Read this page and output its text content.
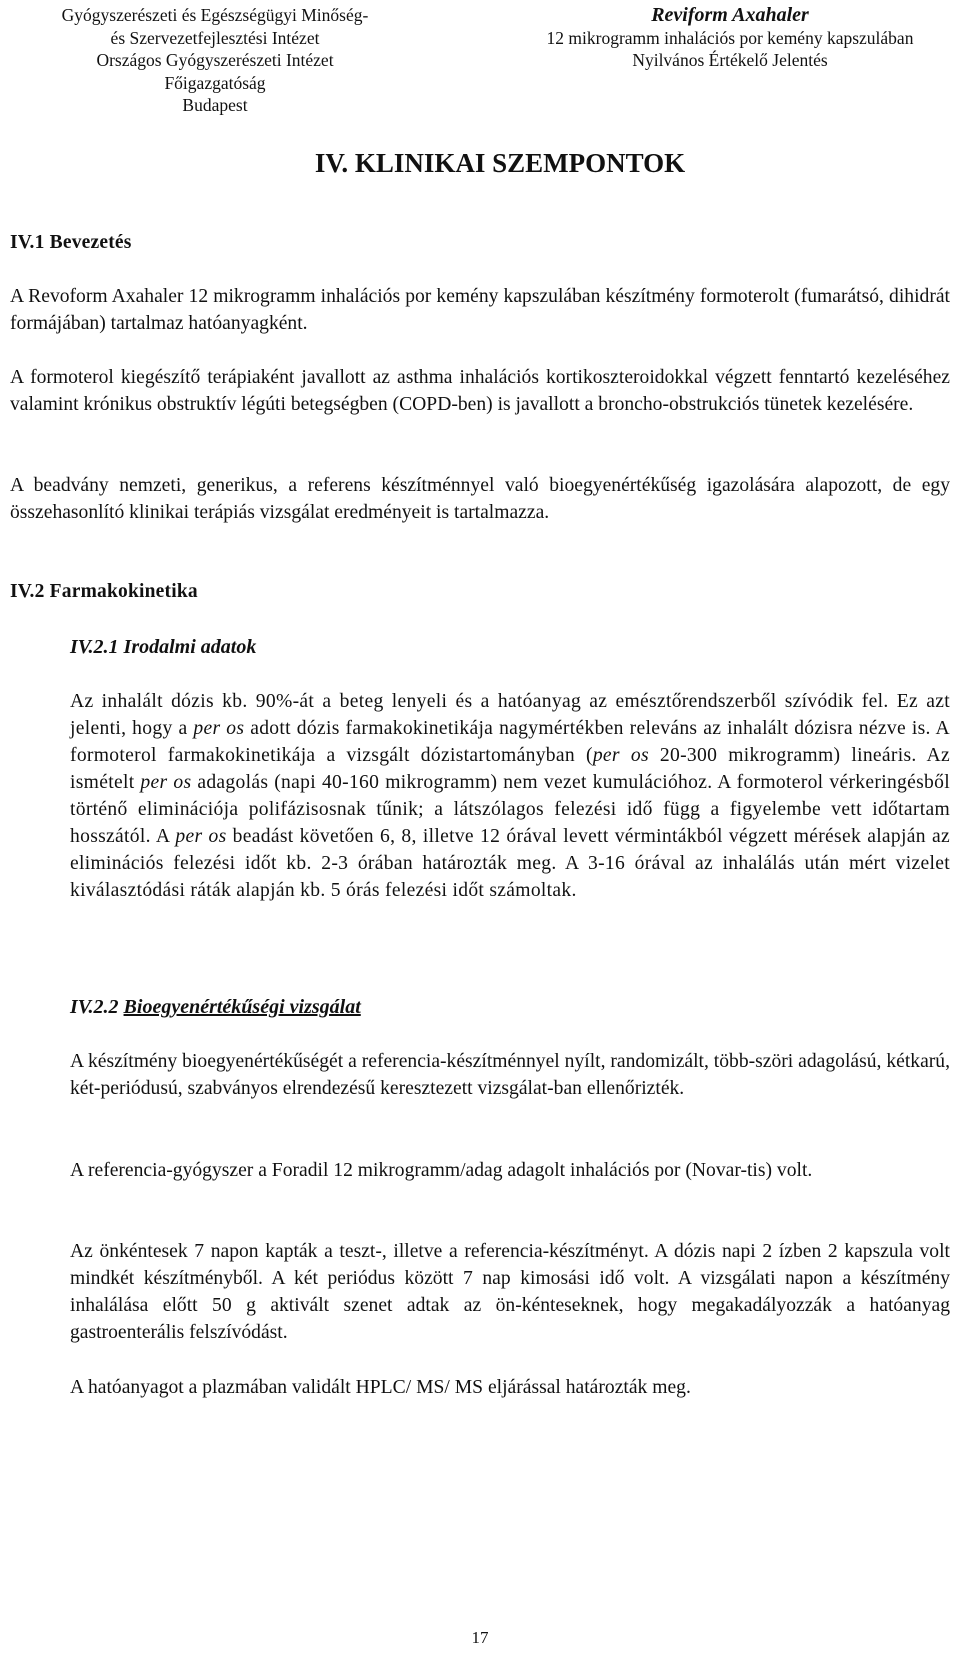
Gyógyszerészeti és Egészségügyi Minőség-
és Szervezetfejlesztési Intézet
Országos Gyógyszerészeti Intézet
Főigazgatóság
Budapest
Reviform Axahaler
12 mikrogramm inhalációs por kemény kapszulában
Nyilvános Értékelő Jelentés
IV. KLINIKAI SZEMPONTOK
IV.1 Bevezetés
A Revoform Axahaler 12 mikrogramm inhalációs por kemény kapszulában készítmény formoterolt (fumarátsó, dihidrát formájában) tartalmaz hatóanyagként.
A formoterol kiegészítő terápiaként javallott az asthma inhalációs kortikoszteroidokkal végzett fenntartó kezeléséhez valamint krónikus obstruktív légúti betegségben (COPD-ben) is javallott a broncho-obstrukciós tünetek kezelésére.
A beadvány nemzeti, generikus, a referens készítménnyel való bioegyenértékűség igazolására alapozott, de egy összehasonlító klinikai terápiás vizsgálat eredményeit is tartalmazza.
IV.2 Farmakokinetika
IV.2.1 Irodalmi adatok
Az inhalált dózis kb. 90%-át a beteg lenyeli és a hatóanyag az emésztőrendszerből szívódik fel. Ez azt jelenti, hogy a per os adott dózis farmakokinetikája nagymértékben releváns az inhalált dózisra nézve is. A formoterol farmakokinetikája a vizsgált dózistartományban (per os 20-300 mikrogramm) lineáris. Az ismételt per os adagolás (napi 40-160 mikrogramm) nem vezet kumulációhoz. A formoterol vérkeringésből történő eliminációja polifázisosnak tűnik; a látszólagos felezési idő függ a figyelembe vett időtartam hosszától. A per os beadást követően 6, 8, illetve 12 órával levett vérmintákból végzett mérések alapján az eliminációs felezési időt kb. 2-3 órában határozták meg. A 3-16 órával az inhalálás után mért vizelet kiválasztódási ráták alapján kb. 5 órás felezési időt számoltak.
IV.2.2 Bioegyenértékűségi vizsgálat
A készítmény bioegyenértékűségét a referencia-készítménnyel nyílt, randomizált, több-szöri adagolású, kétkarú, két-periódusú, szabványos elrendezésű keresztezett vizsgálat-ban ellenőrizték.
A referencia-gyógyszer a Foradil 12 mikrogramm/adag adagolt inhalációs por (Novar-tis) volt.
Az önkéntesek 7 napon kapták a teszt-, illetve a referencia-készítményt. A dózis napi 2 ízben 2 kapszula volt mindkét készítményből. A két periódus között 7 nap kimosási idő volt. A vizsgálati napon a készítmény inhalálása előtt 50 g aktivált szenet adtak az ön-kénteseknek, hogy megakadályozzák a hatóanyag gastroenterális felszívódást.
A hatóanyagot a plazmában validált HPLC/ MS/ MS eljárással határozták meg.
17
